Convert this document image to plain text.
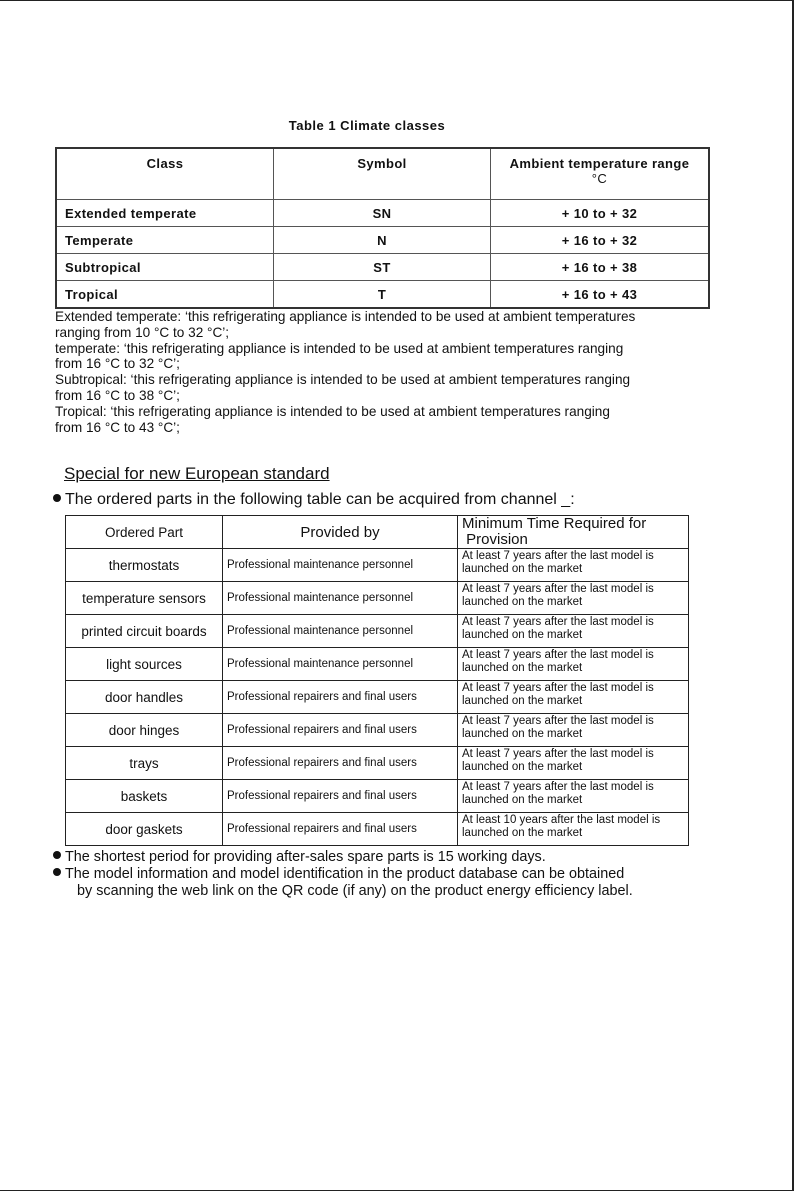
Table 1 Climate classes
Class	Symbol	Ambient temperature range
°C
Extended temperate	SN	+ 10 to + 32
Temperate	N	+ 16 to + 32
Subtropical	ST	+ 16 to + 38
Tropical	T	+ 16 to + 43
Extended temperate: ‘this refrigerating appliance is intended to be used at ambient temperatures
ranging from 10 °C to 32 °C’;
temperate: ‘this refrigerating appliance is intended to be used at ambient temperatures ranging
from 16 °C to 32 °C’;
Subtropical: ‘this refrigerating appliance is intended to be used at ambient temperatures ranging
from 16 °C to 38 °C’;
Tropical: ‘this refrigerating appliance is intended to be used at ambient temperatures ranging
from 16 °C to 43 °C’;
Special for new European standard
The ordered parts in the following table can be acquired from channel _:
Ordered Part	Provided by	Minimum Time Required for
Provision
thermostats	Professional maintenance personnel	At least 7 years after the last model is
launched on the market
temperature sensors	Professional maintenance personnel	At least 7 years after the last model is
launched on the market
printed circuit boards	Professional maintenance personnel	At least 7 years after the last model is
launched on the market
light sources	Professional maintenance personnel	At least 7 years after the last model is
launched on the market
door handles	Professional repairers and final users	At least 7 years after the last model is
launched on the market
door hinges	Professional repairers and final users	At least 7 years after the last model is
launched on the market
trays	Professional repairers and final users	At least 7 years after the last model is
launched on the market
baskets	Professional repairers and final users	At least 7 years after the last model is
launched on the market
door gaskets	Professional repairers and final users	At least 10 years after the last model is
launched on the market
The shortest period for providing after-sales spare parts is 15 working days.
The model information and model identification in the product database can be obtained
by scanning the web link on the QR code (if any) on the product energy efficiency label.
